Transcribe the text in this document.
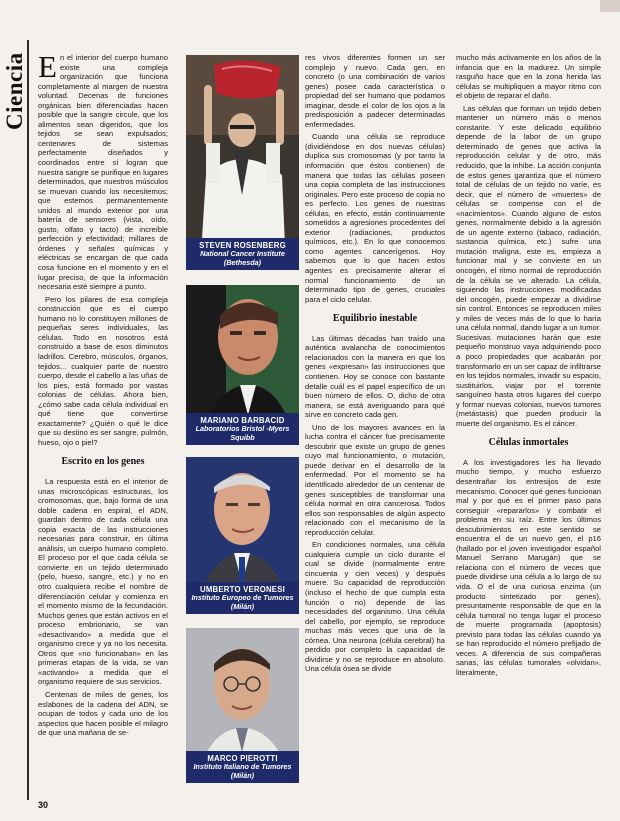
Ciencia En el interior del cuerpo humano existe una compleja organización que funciona completamente al margen de nuestra voluntad. Decenas de funciones orgánicas bien diferenciadas hacen posible que la sangre circule, que los alimentos sean digeridos, que los tejidos se sean expulsados; centenares de sistemas perfectamente diseñados y coordinados entre sí logran que nuestra sangre se purifique en lugares determinados, que nuestros músculos se muevan cuando los necesitemos; que estemos permanentemente unidos al mundo exterior por una batería de sensores (vista, oído, gusto, olfato y tacto) de increíble perfección y efectividad; millares de órdenes y señales químicas y eléctricas se encargan de que cada cosa funcione en el momento y en el lugar preciso, de que la información necesaria esté siempre a punto.

Pero los pilares de esa compleja construcción que es el cuerpo humano no lo constituyen millones de pequeñas seres individuales, las células. Todo en nosotros está construido a base de esos diminutos ladrillos. Cerebro, músculos, órganos, tejidos... cualquier parte de nuestro cuerpo, desde el cabello a las uñas de los pies, está formado por vastas colonias de células. Ahora bien, ¿cómo sabe cada célula individual en qué tiene que convertirse exactamente? ¿Quién o qué le dice que su destino es ser sangre, pulmón, hueso, ojo o piel?

Escrito en los genes

La respuesta está en el interior de unas microscópicas estructuras, los cromosomas, que, bajo forma de una doble cadena en espiral, el ADN, guardan dentro de cada célula una copia exacta de las instrucciones necesarias para construir, en última análisis, un cuerpo humano completo. El proceso por el que cada célula se convierte en un tejido determinado (pelo, hueso, sangre, etc.) y no en otro cualquiera recibe el nombre de diferenciación celular y comienza en el momento mismo de la fecundación. Muchos genes que están activos en el proceso embrionario, se van «desactivando» a medida que el organismo crece y ya no los necesita. Otros que «no funcionaban» en las primeras etapas de la vida, se van «activando» a medida que el organismo requiere de sus servicios.

Centenas de miles de genes, los eslabones de la cadena del ADN, se ocupan de todos y cada uno de los aspectos que hacen posible el milagro de que una mañana de se-

STEVEN ROSENBERG
National Cancer Institute (Bethesda)
MARIANO BARBACID
Laboratorios Bristol -Myers Squibb
UMBERTO VERONESI
Instituto Europeo de Tumores (Milán)
MARCO PIEROTTI
Instituto Italiano de Tumores (Milán)

res vivos diferentes formen un ser complejo y nuevo. Cada gen, en concreto (o una combinación de varios genes) posee cada característica o propiedad del ser humano que podamos imaginar, desde el color de los ojos a la predisposición a padecer determinadas enfermedades.

Cuando una célula se reproduce (dividiéndose en dos nuevas células) duplica sus cromosomas (y por tanto la información que éstos contienen) de manera que todas las células poseen una copia completa de las instrucciones originales. Pero este proceso de copia no es perfecto. Los genes de nuestras células, en efecto, están continuamente sometidos a agresiones procedentes del exterior (radiaciones, productos químicos, etc.). En lo que conocemos como agentes cancerígenos. Hoy sabemos que lo que hacen estos agentes es precisamente alterar el normal funcionamiento de un determinado tipo de genes, cruciales para el ciclo celular.

Equilibrio inestable

Las últimas décadas han traído una auténtica avalancha de conocimientos relacionados con la manera en que los genes «expresan» las instrucciones que contienen. Hoy se conoce con bastante detalle cuál es el papel específico de un buen número de ellos. O, dicho de otra manera, se está averiguando para qué sirve en concreto cada gen.

Uno de los mayores avances en la lucha contra el cáncer fue precisamente descubrir que existe un grupo de genes cuyo mal funcionamiento, o mutación, puede derivar en el desarrollo de la enfermedad. Por el momento se ha identificado alrededor de un centenar de genes susceptibles de transformar una célula normal en otra cancerosa. Todos ellos son responsables de algún aspecto relacionado con el mecanismo de la reproducción celular.

En condiciones normales, una célula cualquiera cumple un ciclo durante el cual se divide (normalmente entre cincuenta y cien veces) y después muere. Su capacidad de reproducción (incluso el hecho de que cumpla esta función o no) depende de las necesidades del organismo. Una célula del cabello, por ejemplo, se reproduce muchas más veces que una de la córnea. Una neurona (célula cerebral) ha perdido por completo la capacidad de dividirse y no se reproduce en absoluto. Una célula ósea se divide

mucho más activamente en los años de la infancia que en la madurez. Un simple rasguño hace que en la zona herida las células se multipliquen a mayor ritmo con el objeto de reparar el daño.

Las células que forman un tejido deben mantener un número más o menos constante. Y este delicado equilibrio depende de la labor de un grupo determinado de genes que activa la reproducción celular y de otro, más reducido, que la inhibe. La acción conjunta de estos genes garantiza que el número total de células de un tejido no varíe, es decir, que el número de «muertes» de células se compense con el de «nacimientos». Cuando alguno de estos genes, normalmente debido a la agresión de un agente externo (tabaco, radiación, sustancia química, etc.) sufre una mutación maligna, este es, empieza a funcionar mal y se convierte en un oncogén, el ritmo normal de reproducción de la célula se ve alterado. La célula, siguiendo las instrucciones modificadas del oncogén, puede empezar a dividirse sin control. Entonces se reproducen miles y miles de veces más de lo que lo haría una célula normal, dando lugar a un tumor. Sucesivas mutaciones harán que este pequeño monstruo vaya adquiriendo poco a poco propiedades que acabarán por transformarlo en un ser capaz de infiltrarse en los tejidos normales, invadir su espacio, sustituirlos, viajar por el torrente sanguíneo hasta otros lugares del cuerpo y formar nuevas colonias, nuevos tumores (metástasis) que pueden producir la muerte del organismo. Es el cáncer.

Células inmortales

A los investigadores les ha llevado mucho tiempo, y mucho esfuerzo desentrañar los entresijos de este mecanismo. Conocer qué genes funcionan mal y por qué es el primer paso para conseguir «repararlos» y combatir el problema en su raíz. Entre los últimos descubrimientos en este sentido se encuentra el de un nuevo gen, el p16 (hallado por el joven investigador español Manuel Serrano Marugán) que se relaciona con el número de veces que puede dividirse una célula a lo largo de su vida. O el de una curiosa enzima (un producto sintetizado por genes), presuntamente responsable de que en la célula tumoral no tenga lugar el proceso de muerte programada (apoptosis) previsto para todas las células cuando ya se han reproducido el número prefijado de veces. A diferencia de sus compañeras sanas, las células tumorales «olvidan», literalmente,

30
